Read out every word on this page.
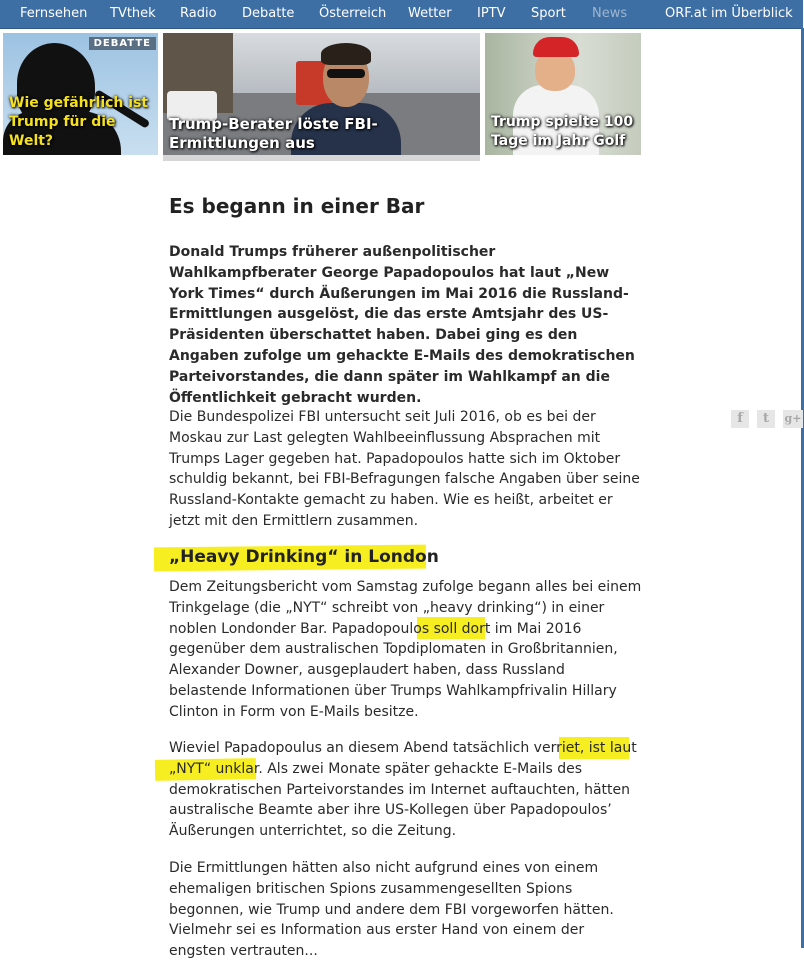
Fernsehen TVthek Radio Debatte Österreich Wetter IPTV Sport News	ORF.at im Überblick
DEBATTE
Wie gefährlich ist
Trump für die Welt?
Trump-Berater löste FBI-Ermittlungen aus
Trump spielte 100
Tage im Jahr Golf
Es begann in einer Bar

Donald Trumps früherer außenpolitischer Wahlkampfberater George Papadopoulos hat laut „New York Times“ durch Äußerungen im Mai 2016 die Russland-Ermittlungen ausgelöst, die das erste Amtsjahr des US-Präsidenten überschattet haben. Dabei ging es den Angaben zufolge um gehackte E-Mails des demokratischen Parteivorstandes, die dann später im Wahlkampf an die Öffentlichkeit gebracht wurden.

Die Bundespolizei FBI untersucht seit Juli 2016, ob es bei der Moskau zur Last gelegten Wahlbeeinflussung Absprachen mit Trumps Lager gegeben hat. Papadopoulos hatte sich im Oktober schuldig bekannt, bei FBI-Befragungen falsche Angaben über seine Russland-Kontakte gemacht zu haben. Wie es heißt, arbeitet er jetzt mit den Ermittlern zusammen.

„Heavy Drinking“ in London

Dem Zeitungsbericht vom Samstag zufolge begann alles bei einem Trinkgelage (die „NYT“ schreibt von „heavy drinking“) in einer noblen Londonder Bar. Papadopoulos soll dort im Mai 2016 gegenüber dem australischen Topdiplomaten in Großbritannien, Alexander Downer, ausgeplaudert haben, dass Russland belastende Informationen über Trumps Wahlkampfrivalin Hillary Clinton in Form von E-Mails besitze.

Wieviel Papadopoulus an diesem Abend tatsächlich verriet, ist laut „NYT“ unklar. Als zwei Monate später gehackte E-Mails des demokratischen Parteivorstandes im Internet auftauchten, hätten australische Beamte aber ihre US-Kollegen über Papadopoulos’ Äußerungen unterrichtet, so die Zeitung.

Die Ermittlungen hätten also nicht aufgrund eines von einem ehemaligen britischen Spions zusammengesellten Spions begonnen, wie Trump und andere dem FBI vorgeworfen hätten. Vielmehr sei es Information aus erster Hand von einem der engsten vertrauten...

f	t	g+
